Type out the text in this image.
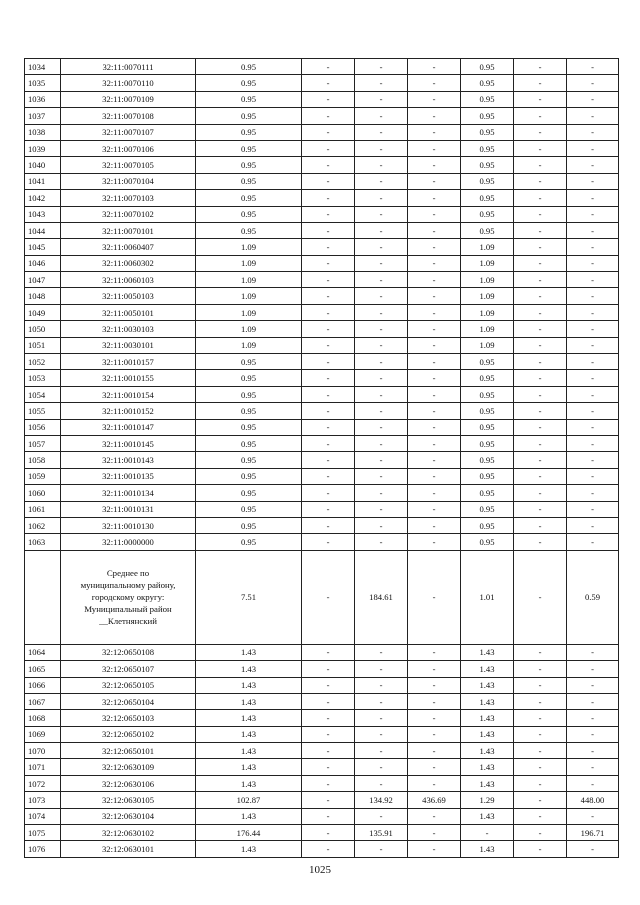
1034	32:11:0070111	0.95	-	-	-	0.95	-	-
1035	32:11:0070110	0.95	-	-	-	0.95	-	-
1036	32:11:0070109	0.95	-	-	-	0.95	-	-
1037	32:11:0070108	0.95	-	-	-	0.95	-	-
1038	32:11:0070107	0.95	-	-	-	0.95	-	-
1039	32:11:0070106	0.95	-	-	-	0.95	-	-
1040	32:11:0070105	0.95	-	-	-	0.95	-	-
1041	32:11:0070104	0.95	-	-	-	0.95	-	-
1042	32:11:0070103	0.95	-	-	-	0.95	-	-
1043	32:11:0070102	0.95	-	-	-	0.95	-	-
1044	32:11:0070101	0.95	-	-	-	0.95	-	-
1045	32:11:0060407	1.09	-	-	-	1.09	-	-
1046	32:11:0060302	1.09	-	-	-	1.09	-	-
1047	32:11:0060103	1.09	-	-	-	1.09	-	-
1048	32:11:0050103	1.09	-	-	-	1.09	-	-
1049	32:11:0050101	1.09	-	-	-	1.09	-	-
1050	32:11:0030103	1.09	-	-	-	1.09	-	-
1051	32:11:0030101	1.09	-	-	-	1.09	-	-
1052	32:11:0010157	0.95	-	-	-	0.95	-	-
1053	32:11:0010155	0.95	-	-	-	0.95	-	-
1054	32:11:0010154	0.95	-	-	-	0.95	-	-
1055	32:11:0010152	0.95	-	-	-	0.95	-	-
1056	32:11:0010147	0.95	-	-	-	0.95	-	-
1057	32:11:0010145	0.95	-	-	-	0.95	-	-
1058	32:11:0010143	0.95	-	-	-	0.95	-	-
1059	32:11:0010135	0.95	-	-	-	0.95	-	-
1060	32:11:0010134	0.95	-	-	-	0.95	-	-
1061	32:11:0010131	0.95	-	-	-	0.95	-	-
1062	32:11:0010130	0.95	-	-	-	0.95	-	-
1063	32:11:0000000	0.95	-	-	-	0.95	-	-

	Среднее по
муниципальному району,
городскому округу:
Муниципальный район
__Клетнянский	7.51	-	184.61	-	1.01	-	0.59
1064	32:12:0650108	1.43	-	-	-	1.43	-	-
1065	32:12:0650107	1.43	-	-	-	1.43	-	-
1066	32:12:0650105	1.43	-	-	-	1.43	-	-
1067	32:12:0650104	1.43	-	-	-	1.43	-	-
1068	32:12:0650103	1.43	-	-	-	1.43	-	-
1069	32:12:0650102	1.43	-	-	-	1.43	-	-
1070	32:12:0650101	1.43	-	-	-	1.43	-	-
1071	32:12:0630109	1.43	-	-	-	1.43	-	-
1072	32:12:0630106	1.43	-	-	-	1.43	-	-
1073	32:12:0630105	102.87	-	134.92	436.69	1.29	-	448.00
1074	32:12:0630104	1.43	-	-	-	1.43	-	-
1075	32:12:0630102	176.44	-	135.91	-	-	-	196.71
1076	32:12:0630101	1.43	-	-	-	1.43	-	-
1025
